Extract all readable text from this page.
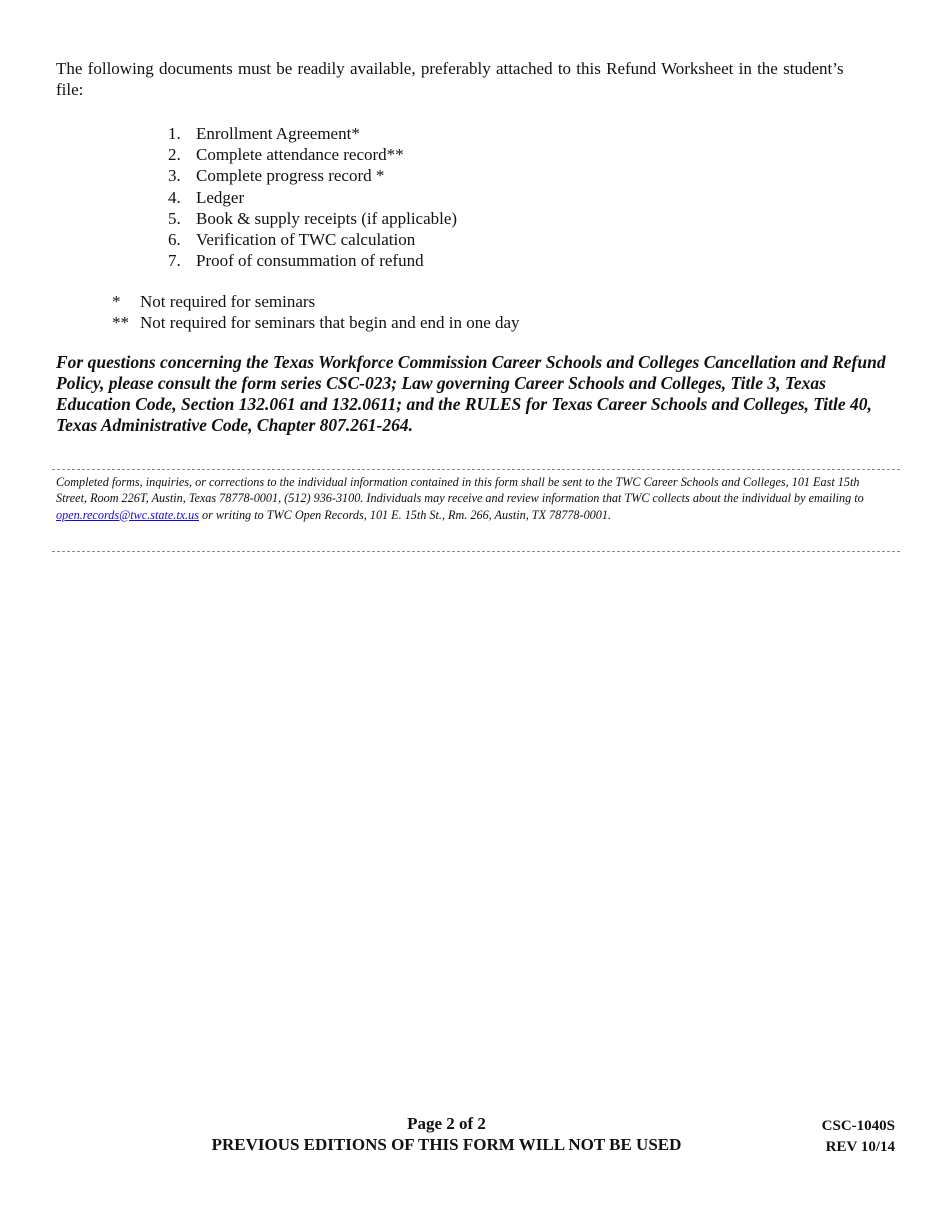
The following documents must be readily available, preferably attached to this Refund Worksheet in the student’s file:

1. Enrollment Agreement*
2. Complete attendance record**
3. Complete progress record *
4. Ledger
5. Book & supply receipts (if applicable)
6. Verification of TWC calculation
7. Proof of consummation of refund
*	Not required for seminars
** Not required for seminars that begin and end in one day

For questions concerning the Texas Workforce Commission Career Schools and Colleges Cancellation and Refund Policy, please consult the form series CSC-023; Law governing Career Schools and Colleges, Title 3, Texas Education Code, Section 132.061 and 132.0611; and the RULES for Texas Career Schools and Colleges, Title 40, Texas Administrative Code, Chapter 807.261-264.

Completed forms, inquiries, or corrections to the individual information contained in this form shall be sent to the TWC Career Schools and Colleges, 101 East 15th Street, Room 226T, Austin, Texas 78778-0001, (512) 936-3100. Individuals may receive and review information that TWC collects about the individual by emailing to open.records@twc.state.tx.us or writing to TWC Open Records, 101 E. 15th St., Rm. 266, Austin, TX 78778-0001.

Page 2 of 2
PREVIOUS EDITIONS OF THIS FORM WILL NOT BE USED
CSC-1040S
REV 10/14
